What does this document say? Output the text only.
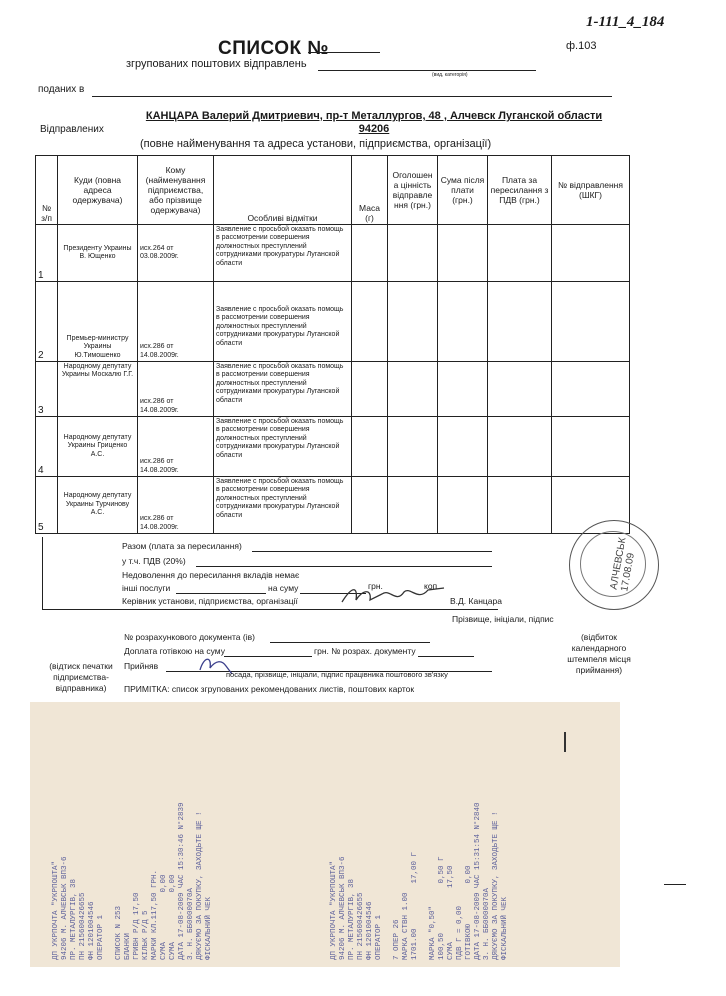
1-111_4_184
СПИСОК №	ф.103
згрупованих поштових відправлень
(вид, категорія)
поданих в
Відправлених
КАНЦАРА Валерий Дмитриевич, пр-т Металлургов, 48 , Алчевск Луганской области 94206
(повне найменування та адреса установи, підприємства, організації)
№ з/п	Куди (повна адреса одержувача)	Кому (найменування підприємства, або прізвище одержувача)	Особливі відмітки	Маса (г)	Оголошен а цінність відправле ння (грн.)	Сума після плати (грн.)	Плата за пересилання з ПДВ (грн.)	№ відправлення (ШКГ)
1	Президенту Украины В. Ющенко	исх.264 от 03.08.2009г.	Заявление с просьбой оказать помощь в рассмотрении совершения должностных преступлений сотрудниками прокуратуры Луганской области					
2	Премьер-министру Украины Ю.Тимошенко	исх.286 от 14.08.2009г.	Заявление с просьбой оказать помощь в рассмотрении совершения должностных преступлений сотрудниками прокуратуры Луганской области					
3	Народному депутату Украины Москалю Г.Г.	исх.286 от 14.08.2009г.	Заявление с просьбой оказать помощь в рассмотрении совершения должностных преступлений сотрудниками прокуратуры Луганской области					
4	Народному депутату Украины Гриценко А.С.	исх.286 от 14.08.2009г.	Заявление с просьбой оказать помощь в рассмотрении совершения должностных преступлений сотрудниками прокуратуры Луганской области					
5	Народному депутату Украины Турчинову А.С.	исх.286 от 14.08.2009г.	Заявление с просьбой оказать помощь в рассмотрении совершения должностных преступлений сотрудниками прокуратуры Луганской области					
Разом (плата за пересилання)
у т.ч. ПДВ (20%)
Недоволення до пересилання вкладів немає
інші послуги	на суму	грн.	коп
Керівник установи, підприємства, організації	В.Д. Канцара
Прізвище, ініціали, підпис
№ розрахункового документа (ів)
Доплата готівкою на суму	грн. № розрах. документу
Прийняв
посада, прізвище, ініціали, підпис працівника поштового зв'язку
(відтиск печатки підприємства-відправника)
(відбиток календарного штемпеля місця приймання)
ПРИМІТКА: список згрупованих рекомендованих листів, поштових карток
АЛЧЕВСЬК 17.08.09
ДП УКРПОЧТА "УКРПОШТА" 94206 М. АЛЧЕВСЬК ВПЗ-6 ПР. МЕТАЛУРГІВ, 38 ПН 215600426655 ФН 1201004546 ОПЕРАТОР 1
СПИСОК N 253 БЛАНКИ ГРИВН Р/Д 17,50 КІЛЬК Р/Д 5 МАРКИ КЛ.117,50 ГРН. СУМА           0,00 СУМА           0,00 ДАТА 17-08-2009 ЧАС 15:30:46 N°2839 З. Н. ББ0000070А ДЯКУЄМО ЗА ПОКУПКУ, ЗАХОДЬТЕ ЩЕ ! ФІСКАЛЬНИЙ ЧЕК	ДП УКРПОЧТА "УКРПОШТА" 94206 М. АЛЧЕВСЬК ВПЗ-6 ПР. МЕТАЛУРГІВ, 38 ПН 215600426655 ФН 1201004546 ОПЕРАТОР 1
7 ОПЕР 26 МАРКА СТВН 1.00 1701.00          17,00 Г
МАРКА "0,50" 100,50           0,50 Г СУМА            17,50 ПДВ Г = 0,00 ГОТІВКОЮ         0,00 ДАТА 17-08-2009 ЧАС 15:31:54 N°2840 З. Н. ББ0000070А ДЯКУЄМО ЗА ПОКУПКУ, ЗАХОДЬТЕ ЩЕ ! ФІСКАЛЬНИЙ ЧЕК
